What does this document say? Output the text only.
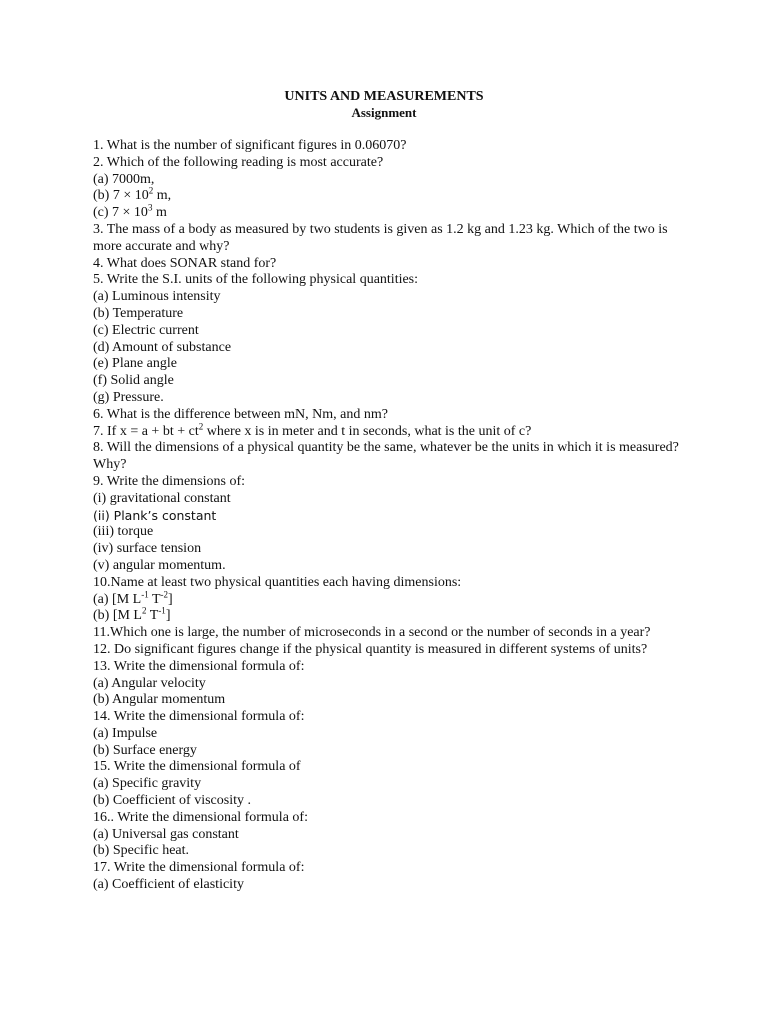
UNITS AND MEASUREMENTS
Assignment

1. What is the number of significant figures in 0.06070?

2. Which of the following reading is most accurate?

(a) 7000m,

(b) $7 \times 10^2$ m,

(c) $7 \times 10^3$ m

3. The mass of a body as measured by two students is given as 1.2 kg and 1.23 kg. Which of the two is more accurate and why?

4. What does SONAR stand for?

5. Write the S.I. units of the following physical quantities:

(a) Luminous intensity

(b) Temperature

(c) Electric current

(d) Amount of substance

(e) Plane angle

(f) Solid angle

(g) Pressure.

6. What is the difference between mN, Nm, and nm?

7. If x = a + bt + $ct^2$ where x is in meter and t in seconds, what is the unit of c?

8. Will the dimensions of a physical quantity be the same, whatever be the units in which it is measured? Why?

9. Write the dimensions of:

(i) gravitational constant

(ii) Plank’s constant

(iii) torque

(iv) surface tension

(v) angular momentum.

10.Name at least two physical quantities each having dimensions:

(a) [M $L^{-1}$ $T^{-2}$]

(b) [M $L^2$ $T^{-1}$]

11.Which one is large, the number of microseconds in a second or the number of seconds in a year?

12. Do significant figures change if the physical quantity is measured in different systems of units?

13. Write the dimensional formula of:

(a) Angular velocity

(b) Angular momentum

14. Write the dimensional formula of:

(a) Impulse

(b) Surface energy

15. Write the dimensional formula of

(a) Specific gravity

(b) Coefficient of viscosity .

16.. Write the dimensional formula of:

(a) Universal gas constant

(b) Specific heat.

17. Write the dimensional formula of:

(a) Coefficient of elasticity
